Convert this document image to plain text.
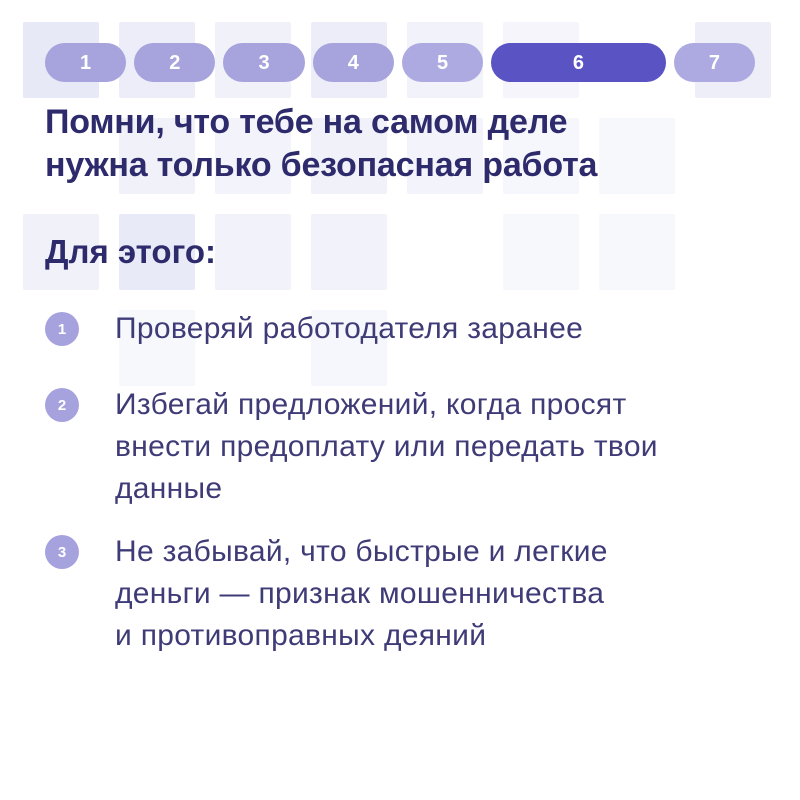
1	2	3	4	5	6	7
Помни, что тебе на самом деле
нужна только безопасная работа
Для этого:
1 Проверяй работодателя заранее
2 Избегай предложений, когда просят
внести предоплату или передать твои
данные
3 Не забывай, что быстрые и легкие
деньги — признак мошенничества
и противоправных деяний
